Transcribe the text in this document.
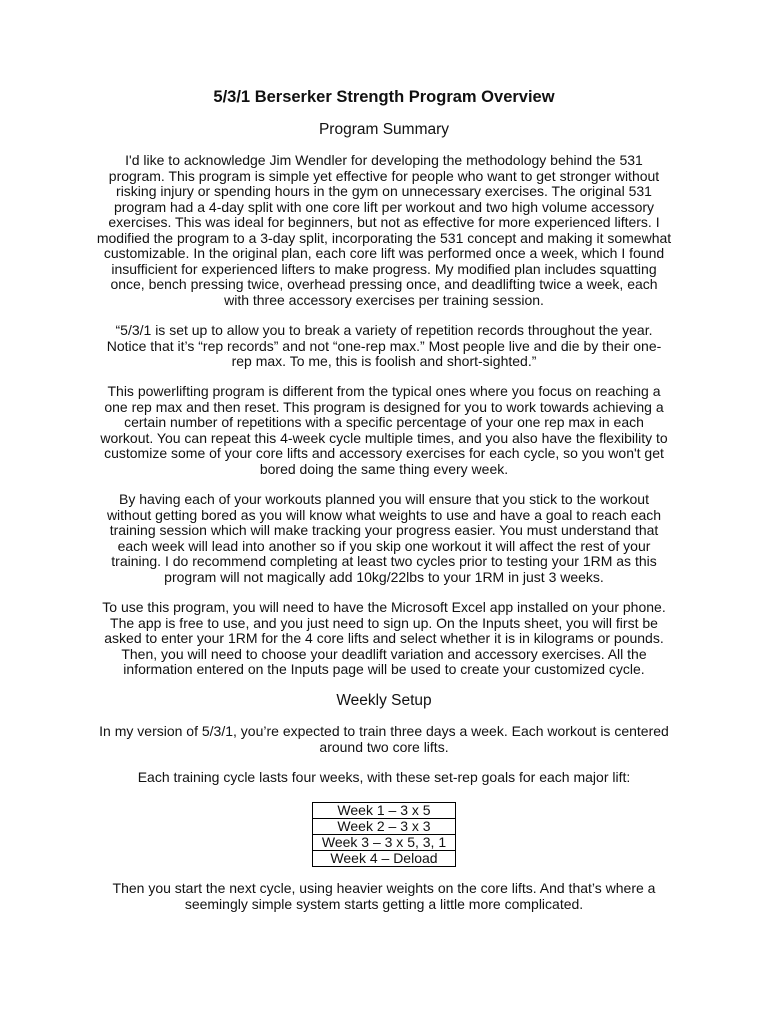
5/3/1 Berserker Strength Program Overview
Program Summary
I'd like to acknowledge Jim Wendler for developing the methodology behind the 531
program. This program is simple yet effective for people who want to get stronger without
risking injury or spending hours in the gym on unnecessary exercises. The original 531
program had a 4-day split with one core lift per workout and two high volume accessory
exercises. This was ideal for beginners, but not as effective for more experienced lifters. I
modified the program to a 3-day split, incorporating the 531 concept and making it somewhat
customizable. In the original plan, each core lift was performed once a week, which I found
insufficient for experienced lifters to make progress. My modified plan includes squatting
once, bench pressing twice, overhead pressing once, and deadlifting twice a week, each
with three accessory exercises per training session.
“5/3/1 is set up to allow you to break a variety of repetition records throughout the year.
Notice that it’s “rep records” and not “one-rep max.” Most people live and die by their one-
rep max. To me, this is foolish and short-sighted.”
This powerlifting program is different from the typical ones where you focus on reaching a
one rep max and then reset. This program is designed for you to work towards achieving a
certain number of repetitions with a specific percentage of your one rep max in each
workout. You can repeat this 4-week cycle multiple times, and you also have the flexibility to
customize some of your core lifts and accessory exercises for each cycle, so you won't get
bored doing the same thing every week.
By having each of your workouts planned you will ensure that you stick to the workout
without getting bored as you will know what weights to use and have a goal to reach each
training session which will make tracking your progress easier. You must understand that
each week will lead into another so if you skip one workout it will affect the rest of your
training. I do recommend completing at least two cycles prior to testing your 1RM as this
program will not magically add 10kg/22lbs to your 1RM in just 3 weeks.
To use this program, you will need to have the Microsoft Excel app installed on your phone.
The app is free to use, and you just need to sign up. On the Inputs sheet, you will first be
asked to enter your 1RM for the 4 core lifts and select whether it is in kilograms or pounds.
Then, you will need to choose your deadlift variation and accessory exercises. All the
information entered on the Inputs page will be used to create your customized cycle.
Weekly Setup
In my version of 5/3/1, you’re expected to train three days a week. Each workout is centered
around two core lifts.
Each training cycle lasts four weeks, with these set-rep goals for each major lift:
Week 1 – 3 x 5
Week 2 – 3 x 3
Week 3 – 3 x 5, 3, 1
Week 4 – Deload
Then you start the next cycle, using heavier weights on the core lifts. And that’s where a
seemingly simple system starts getting a little more complicated.
